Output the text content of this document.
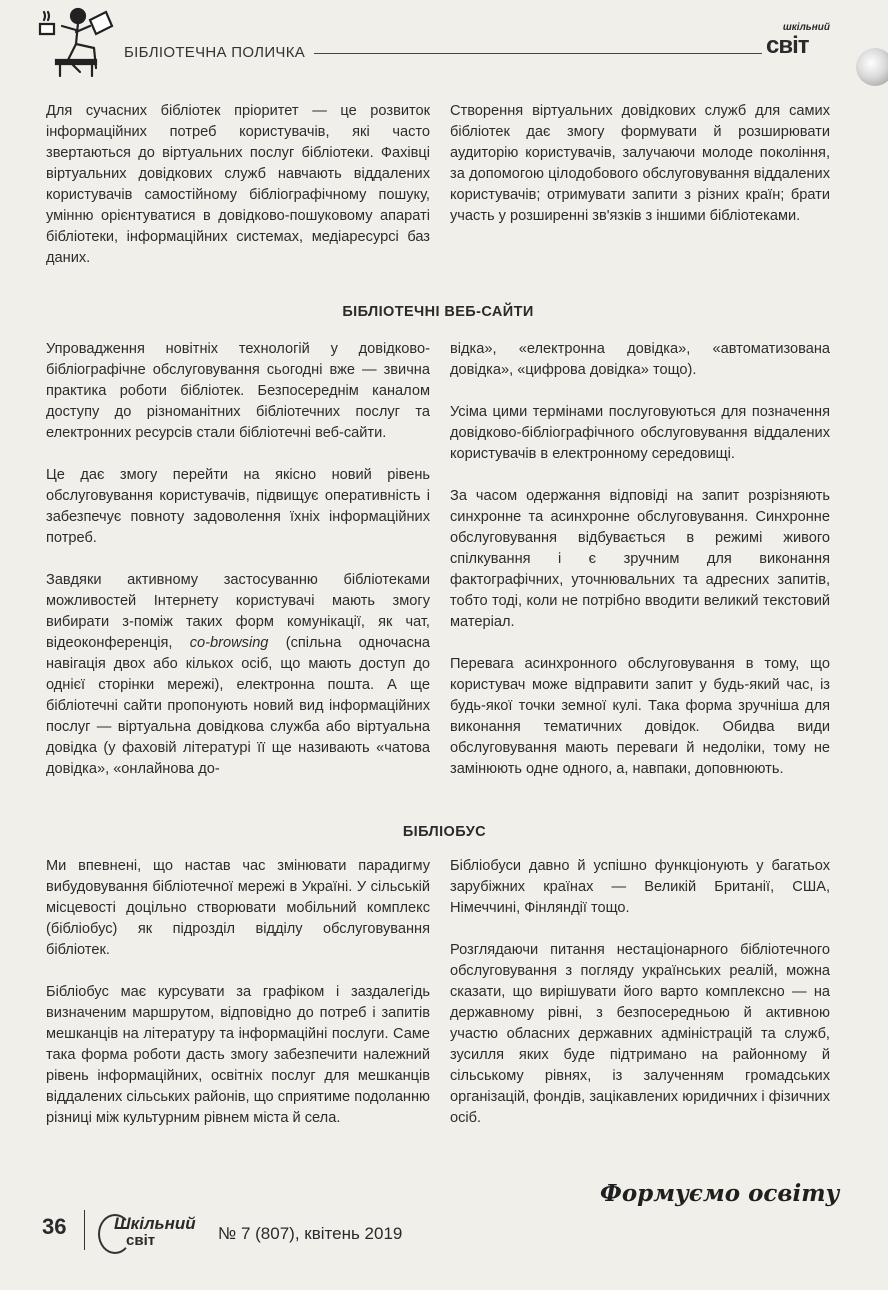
БІБЛІОТЕЧНА ПОЛИЧКА
шкільний
світ

Для сучасних бібліотек пріоритет — це розвиток інформаційних потреб користувачів, які часто звертаються до віртуальних послуг бібліотеки. Фахівці віртуальних довідкових служб навчають віддалених користувачів самостійному бібліографічному пошуку, умінню орієнтуватися в довідково-пошуковому апараті бібліотеки, інформаційних системах, медіаресурсі баз даних.

Створення віртуальних довідкових служб для самих бібліотек дає змогу формувати й розширювати аудиторію користувачів, залучаючи молоде покоління, за допомогою цілодобового обслуговування віддалених користувачів; отримувати запити з різних країн; брати участь у розширенні зв'язків з іншими бібліотеками.

БІБЛІОТЕЧНІ ВЕБ-САЙТИ

Упровадження новітніх технологій у довідково-бібліографічне обслуговування сьогодні вже — звична практика роботи бібліотек. Безпосереднім каналом доступу до різноманітних бібліотечних послуг та електронних ресурсів стали бібліотечні веб-сайти.

Це дає змогу перейти на якісно новий рівень обслуговування користувачів, підвищує оперативність і забезпечує повноту задоволення їхніх інформаційних потреб.

Завдяки активному застосуванню бібліотеками можливостей Інтернету користувачі мають змогу вибирати з-поміж таких форм комунікації, як чат, відеоконференція, co-browsing (спільна одночасна навігація двох або кількох осіб, що мають доступ до однієї сторінки мережі), електронна пошта. А ще бібліотечні сайти пропонують новий вид інформаційних послуг — віртуальна довідкова служба або віртуальна довідка (у фаховій літературі її ще називають «чатова довідка», «онлайнова до-

відка», «електронна довідка», «автоматизована довідка», «цифрова довідка» тощо).

Усіма цими термінами послуговуються для позначення довідково-бібліографічного обслуговування віддалених користувачів в електронному середовищі.

За часом одержання відповіді на запит розрізняють синхронне та асинхронне обслуговування. Синхронне обслуговування відбувається в режимі живого спілкування і є зручним для виконання фактографічних, уточнювальних та адресних запитів, тобто тоді, коли не потрібно вводити великий текстовий матеріал.

Перевага асинхронного обслуговування в тому, що користувач може відправити запит у будь-який час, із будь-якої точки земної кулі. Така форма зручніша для виконання тематичних довідок. Обидва види обслуговування мають переваги й недоліки, тому не замінюють одне одного, а, навпаки, доповнюють.

БІБЛІОБУС

Ми впевнені, що настав час змінювати парадигму вибудовування бібліотечної мережі в Україні. У сільській місцевості доцільно створювати мобільний комплекс (бібліобус) як підрозділ відділу обслуговування бібліотек.

Бібліобус має курсувати за графіком і заздалегідь визначеним маршрутом, відповідно до потреб і запитів мешканців на літературу та інформаційні послуги. Саме така форма роботи дасть змогу забезпечити належний рівень інформаційних, освітніх послуг для мешканців віддалених сільських районів, що сприятиме подоланню різниці між культурним рівнем міста й села.

Бібліобуси давно й успішно функціонують у багатьох зарубіжних країнах — Великій Британії, США, Німеччині, Фінляндії тощо.

Розглядаючи питання нестаціонарного бібліотечного обслуговування з погляду українських реалій, можна сказати, що вирішувати його варто комплексно — на державному рівні, з безпосередньою й активною участю обласних державних адміністрацій та служб, зусилля яких буде підтримано на районному й сільському рівнях, із залученням громадських організацій, фондів, зацікавлених юридичних і фізичних осіб.

Формуємо освіту
36	Шкільний
світ	№ 7 (807), квітень 2019
